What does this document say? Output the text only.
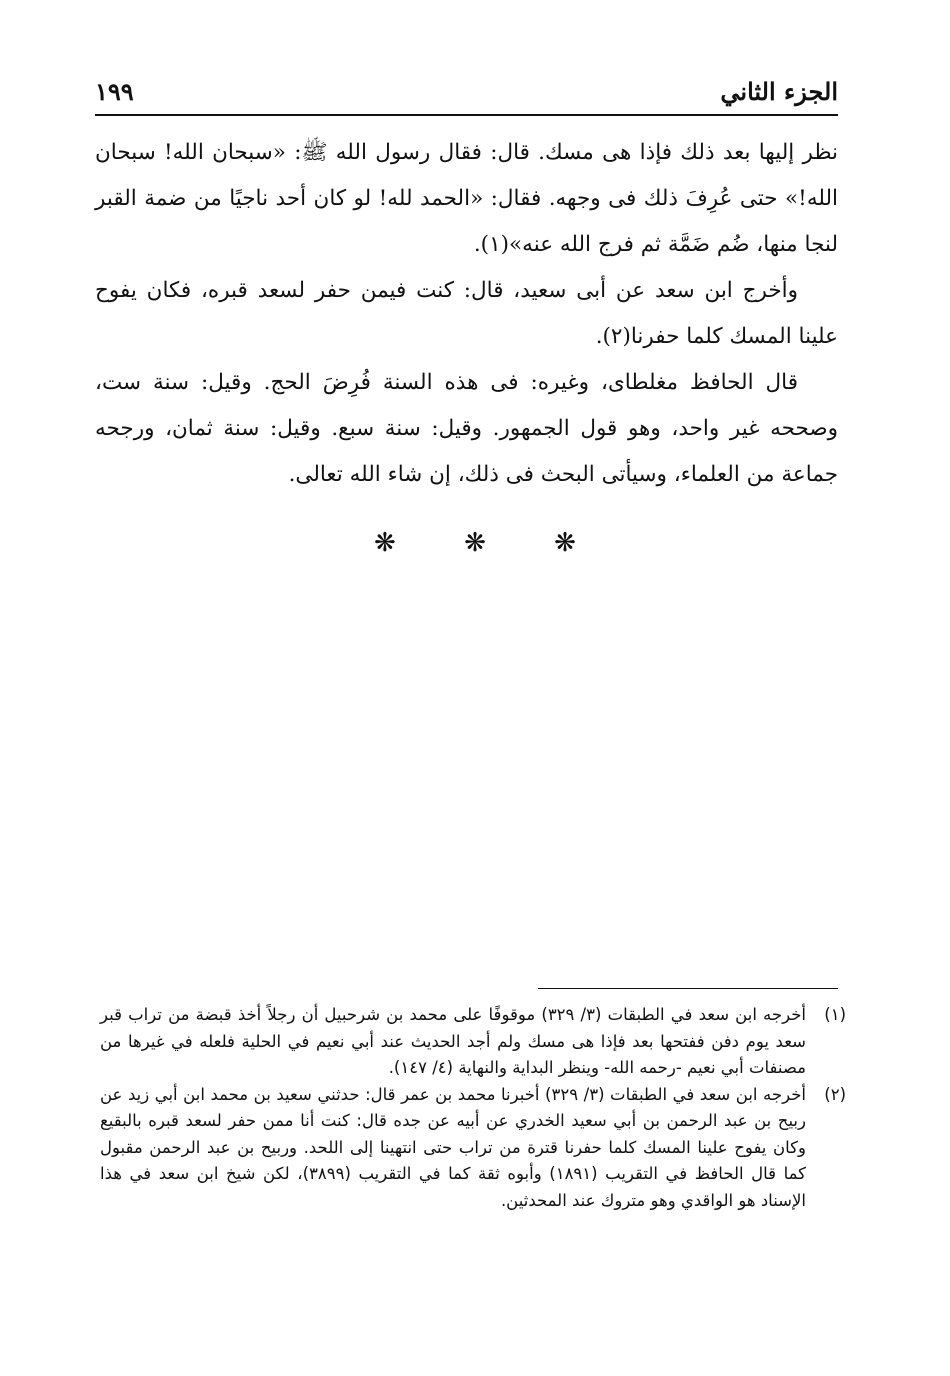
الجزء الثاني
١٩٩

نظر إليها بعد ذلك فإذا هى مسك. قال: فقال رسول الله ﷺ: «سبحان الله! سبحان الله!» حتى عُرِفَ ذلك فى وجهه. فقال: «الحمد لله! لو كان أحد ناجيًا من ضمة القبر لنجا منها، ضُم ضَمَّة ثم فرج الله عنه»(١).

وأخرج ابن سعد عن أبى سعيد، قال: كنت فيمن حفر لسعد قبره، فكان يفوح علينا المسك كلما حفرنا(٢).

قال الحافظ مغلطاى، وغيره: فى هذه السنة فُرِضَ الحج. وقيل: سنة ست، وصححه غير واحد، وهو قول الجمهور. وقيل: سنة سبع. وقيل: سنة ثمان، ورجحه جماعة من العلماء، وسيأتى البحث فى ذلك، إن شاء الله تعالى.

❋	❋	❋
(١)
أخرجه ابن سعد في الطبقات (٣/ ٣٢٩) موقوفًا على محمد بن شرحبيل أن رجلاً أخذ قبضة من تراب قبر سعد يوم دفن ففتحها بعد فإذا هى مسك ولم أجد الحديث عند أبي نعيم في الحلية فلعله في غيرها من مصنفات أبي نعيم -رحمه الله- وينظر البداية والنهاية (٤/ ١٤٧).
(٢)
أخرجه ابن سعد في الطبقات (٣/ ٣٢٩) أخبرنا محمد بن عمر قال: حدثني سعيد بن محمد ابن أبي زيد عن ربيح بن عبد الرحمن بن أبي سعيد الخدري عن أبيه عن جده قال: كنت أنا ممن حفر لسعد قبره بالبقيع وكان يفوح علينا المسك كلما حفرنا قترة من تراب حتى انتهينا إلى اللحد. وربيح بن عبد الرحمن مقبول كما قال الحافظ في التقريب (١٨٩١) وأبوه ثقة كما في التقريب (٣٨٩٩)، لكن شيخ ابن سعد في هذا الإسناد هو الواقدي وهو متروك عند المحدثين.
